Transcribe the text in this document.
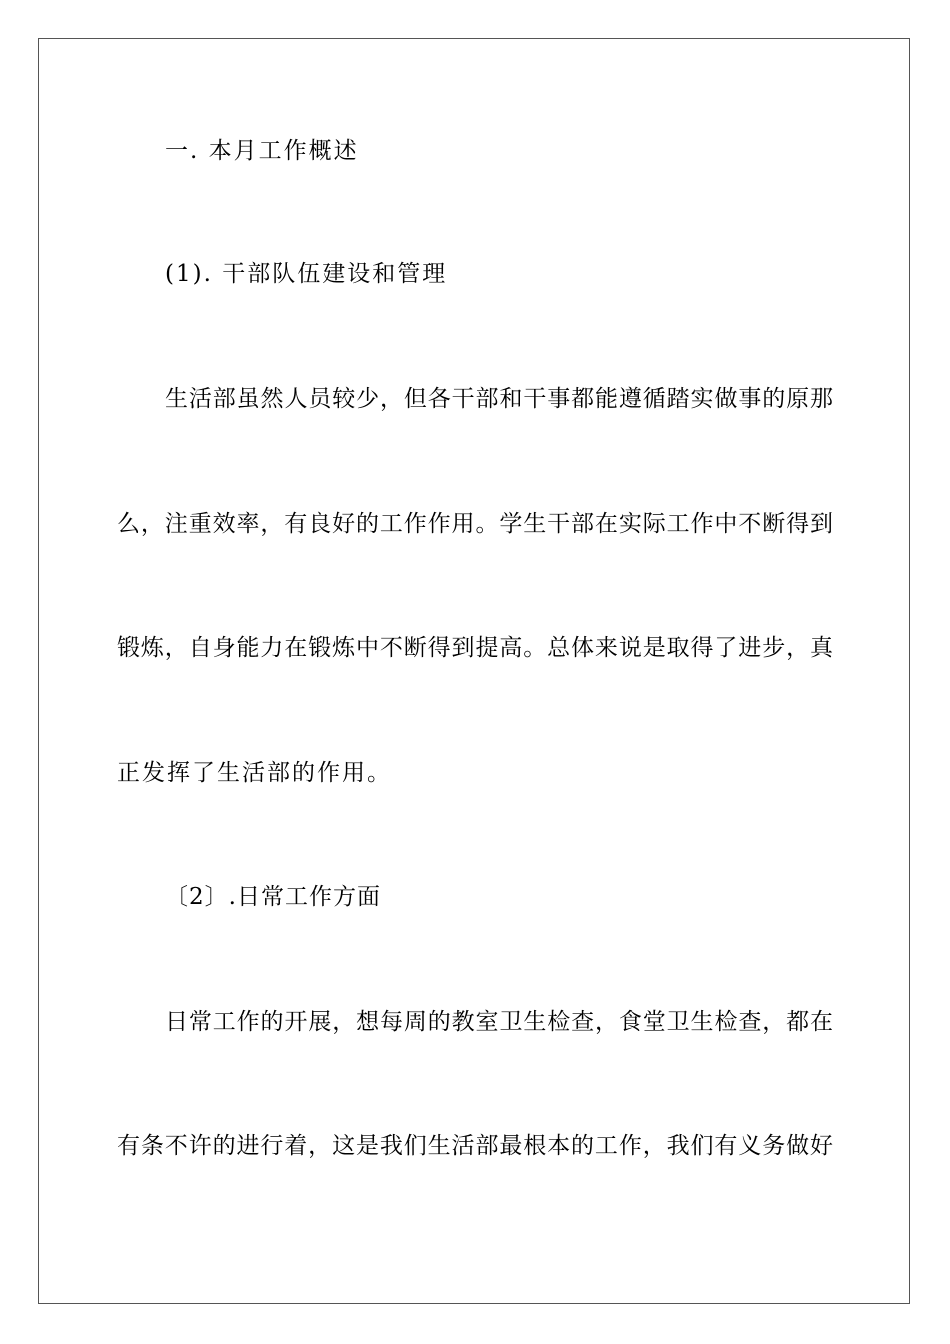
一. 本月工作概述
(1). 干部队伍建设和管理
生活部虽然人员较少，但各干部和干事都能遵循踏实做事的原那
么，注重效率，有良好的工作作用。学生干部在实际工作中不断得到
锻炼，自身能力在锻炼中不断得到提高。总体来说是取得了进步，真
正发挥了生活部的作用。
〔2〕.日常工作方面
日常工作的开展，想每周的教室卫生检查，食堂卫生检查，都在
有条不许的进行着，这是我们生活部最根本的工作，我们有义务做好
